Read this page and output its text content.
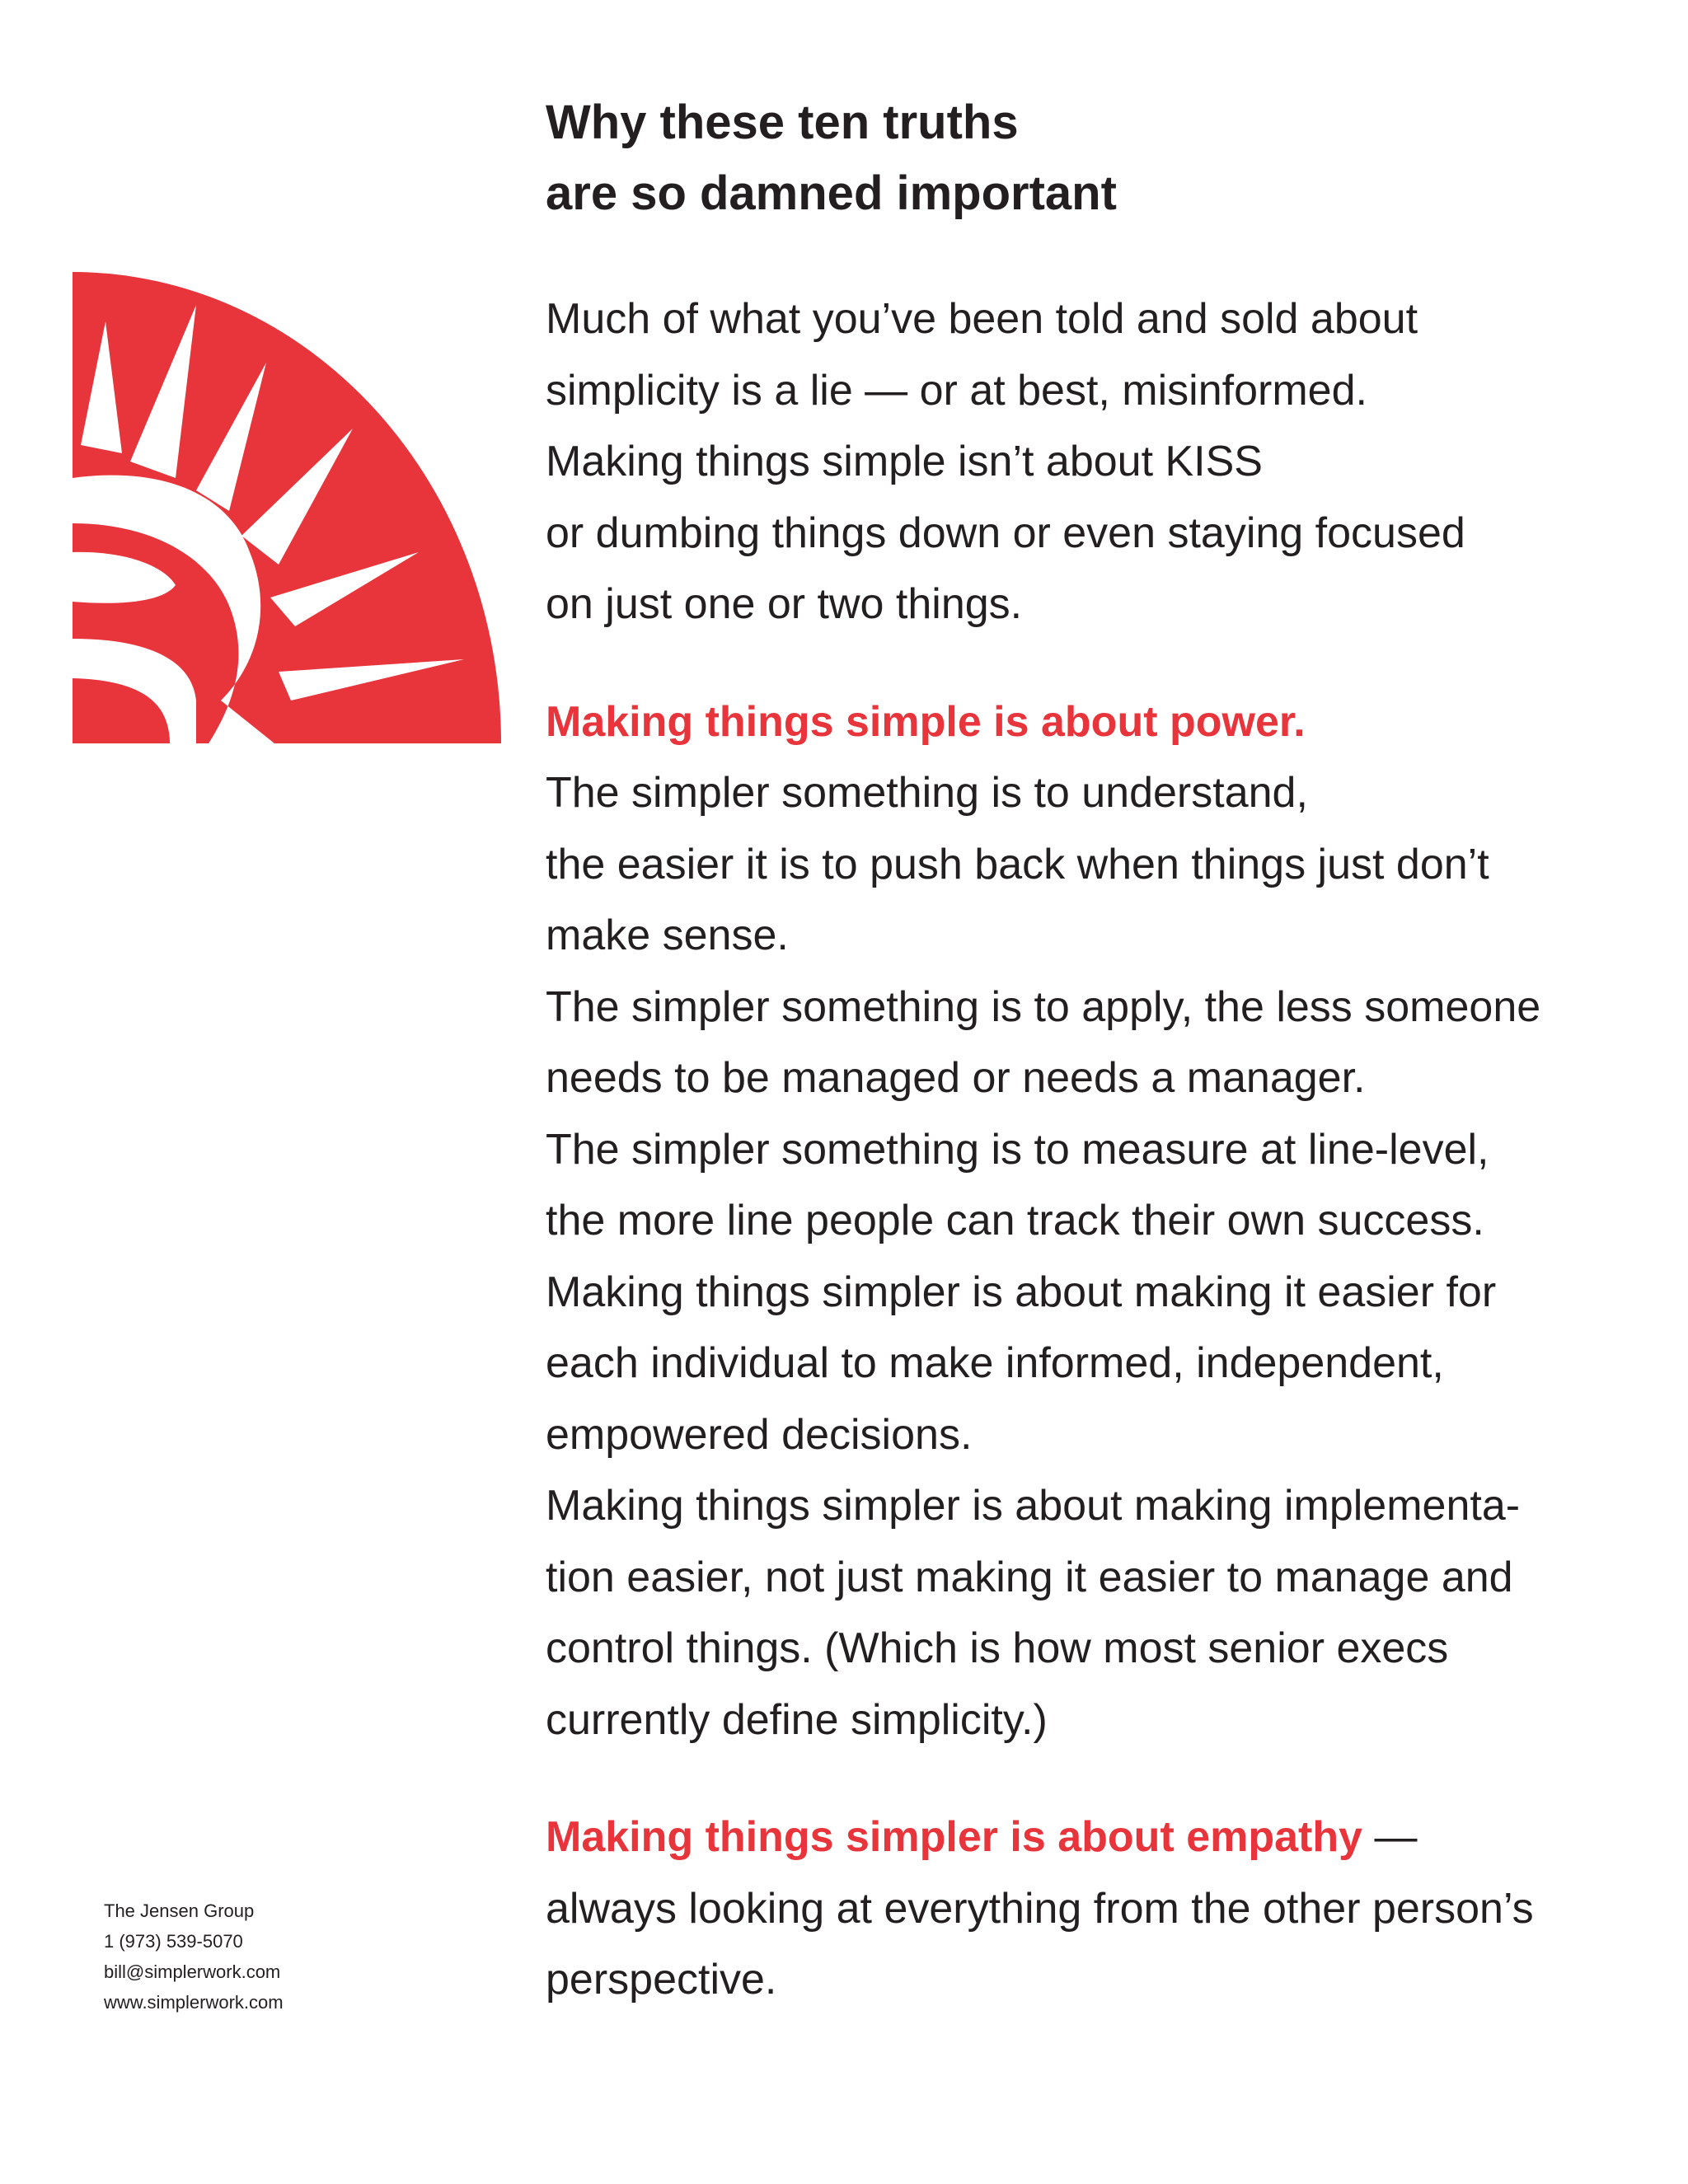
Why these ten truths
are so damned important

Much of what you’ve been told and sold about
simplicity is a lie — or at best, misinformed.
Making things simple isn’t about KISS
or dumbing things down or even staying focused
on just one or two things.

Making things simple is about power.
The simpler something is to understand,
the easier it is to push back when things just don’t
make sense.
The simpler something is to apply, the less someone
needs to be managed or needs a manager.
The simpler something is to measure at line-level,
the more line people can track their own success.
Making things simpler is about making it easier for
each individual to make informed, independent,
empowered decisions.
Making things simpler is about making implementa-
tion easier, not just making it easier to manage and
control things. (Which is how most senior execs
currently define simplicity.)

Making things simpler is about empathy —
always looking at everything from the other person’s
perspective.

The Jensen Group
1 (973) 539-5070
bill@simplerwork.com
www.simplerwork.com
